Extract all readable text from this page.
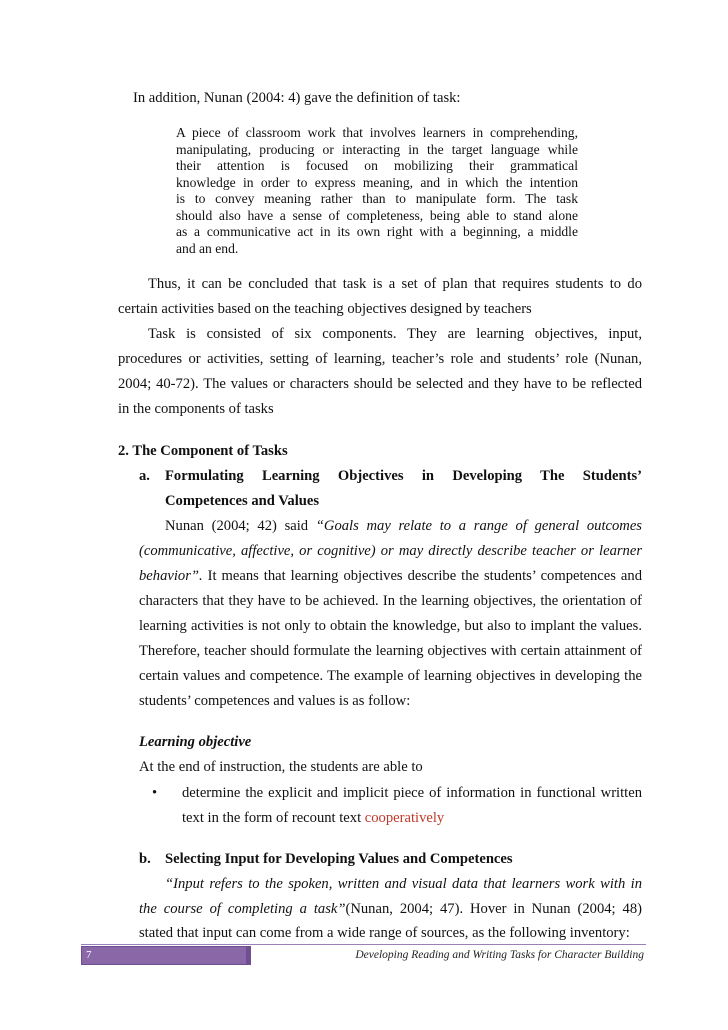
In addition, Nunan (2004: 4) gave the definition of task:

A piece of classroom work that involves learners in comprehending,
manipulating, producing or interacting in the target language while
their attention is focused on mobilizing their grammatical
knowledge in order to express meaning, and in which the intention
is to convey meaning rather than to manipulate form. The task
should also have a sense of completeness, being able to stand alone
as a communicative act in its own right with a beginning, a middle
and an end.
Thus, it can be concluded that task is a set of plan that requires students to do
certain activities based on the teaching objectives designed by teachers
Task is consisted of six components. They are learning objectives, input,
procedures or activities, setting of learning, teacher’s role and students’ role (Nunan,
2004; 40-72). The values or characters should be selected and they have to be reflected
in the components of tasks
2. The Component of Tasks
a. Formulating Learning Objectives in Developing The Students’
Competences and Values
Nunan (2004; 42) said “Goals may relate to a range of general outcomes
(communicative, affective, or cognitive) or may directly describe teacher or learner
behavior”. It means that learning objectives describe the students’ competences and
characters that they have to be achieved. In the learning objectives, the orientation of
learning activities is not only to obtain the knowledge, but also to implant the values.
Therefore, teacher should formulate the learning objectives with certain attainment of
certain values and competence. The example of learning objectives in developing the
students’ competences and values is as follow:
Learning objective
At the end of instruction, the students are able to
• determine the explicit and implicit piece of information in functional written
text in the form of recount text cooperatively
b. Selecting Input for Developing Values and Competences
“Input refers to the spoken, written and visual data that learners work with in
the course of completing a task”(Nunan, 2004; 47). Hover in Nunan (2004; 48)
stated that input can come from a wide range of sources, as the following inventory:
7	Developing Reading and Writing Tasks for Character Building
